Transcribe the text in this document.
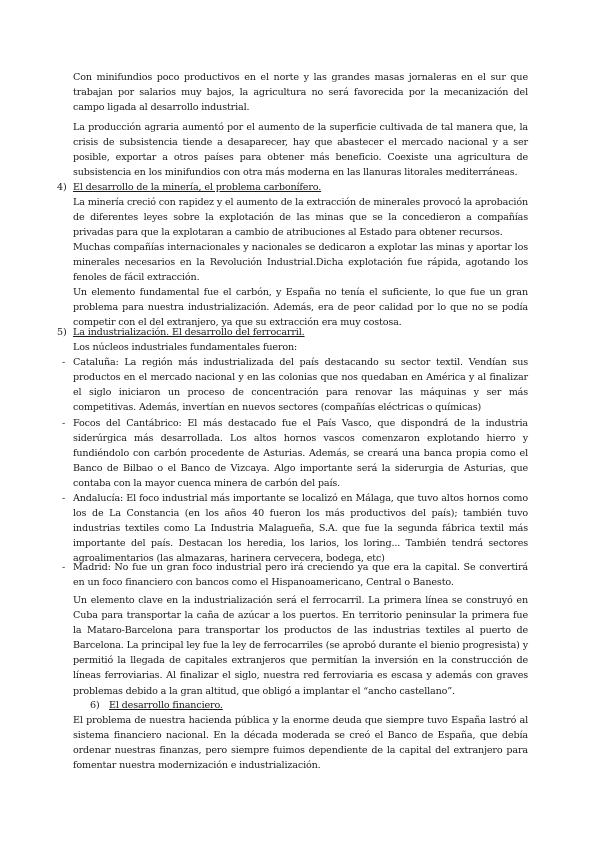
Con minifundios poco productivos en el norte y las grandes masas jornaleras en el sur que trabajan por salarios muy bajos, la agricultura no será favorecida por la mecanización del campo ligada al desarrollo industrial.

La producción agraria aumentó por el aumento de la superficie cultivada de tal manera que, la crisis de subsistencia tiende a desaparecer, hay que abastecer el mercado nacional y a ser posible, exportar a otros países para obtener más beneficio. Coexiste una agricultura de subsistencia en los minifundios con otra más moderna en las llanuras litorales mediterráneas.

4) El desarrollo de la minería, el problema carbonífero.

La minería creció con rapidez y el aumento de la extracción de minerales provocó la aprobación de diferentes leyes sobre la explotación de las minas que se la concedieron a compañías privadas para que la explotaran a cambio de atribuciones al Estado para obtener recursos.

Muchas compañías internacionales y nacionales se dedicaron a explotar las minas y aportar los minerales necesarios en la Revolución Industrial.Dicha explotación fue rápida, agotando los fenoles de fácil extracción.

Un elemento fundamental fue el carbón, y España no tenía el suficiente, lo que fue un gran problema para nuestra industrialización. Además, era de peor calidad por lo que no se podía competir con el del extranjero, ya que su extracción era muy costosa.

5) La industrialización. El desarrollo del ferrocarril.

Los núcleos industriales fundamentales fueron:

- Cataluña: La región más industrializada del país destacando su sector textil. Vendían sus productos en el mercado nacional y en las colonias que nos quedaban en América y al finalizar el siglo iniciaron un proceso de concentración para renovar las máquinas y ser más competitivas. Además, invertían en nuevos sectores (compañías eléctricas o químicas)

- Focos del Cantábrico: El más destacado fue el País Vasco, que dispondrá de la industria siderúrgica más desarrollada. Los altos hornos vascos comenzaron explotando hierro y fundiéndolo con carbón procedente de Asturias. Además, se creará una banca propia como el Banco de Bilbao o el Banco de Vizcaya. Algo importante será la siderurgia de Asturias, que contaba con la mayor cuenca minera de carbón del país.

- Andalucía: El foco industrial más importante se localizó en Málaga, que tuvo altos hornos como los de La Constancia (en los años 40 fueron los más productivos del país); también tuvo industrias textiles como La Industria Malagueña, S.A. que fue la segunda fábrica textil más importante del país. Destacan los heredia, los larios, los loring... También tendrá sectores agroalimentarios (las almazaras, harinera cervecera, bodega, etc)

- Madrid: No fue un gran foco industrial pero irá creciendo ya que era la capital. Se convertirá en un foco financiero con bancos como el Hispanoamericano, Central o Banesto.

Un elemento clave en la industrialización será el ferrocarril. La primera línea se construyó en Cuba para transportar la caña de azúcar a los puertos. En territorio peninsular la primera fue la Mataro-Barcelona para transportar los productos de las industrias textiles al puerto de Barcelona. La principal ley fue la ley de ferrocarriles (se aprobó durante el bienio progresista) y permitió la llegada de capitales extranjeros que permitían la inversión en la construcción de líneas ferroviarias. Al finalizar el siglo, nuestra red ferroviaria es escasa y además con graves problemas debido a la gran altitud, que obligó a implantar el “ancho castellano”.

6) El desarrollo financiero.

El problema de nuestra hacienda pública y la enorme deuda que siempre tuvo España lastró al sistema financiero nacional. En la década moderada se creó el Banco de España, que debía ordenar nuestras finanzas, pero siempre fuimos dependiente de la capital del extranjero para fomentar nuestra modernización e industrialización.
